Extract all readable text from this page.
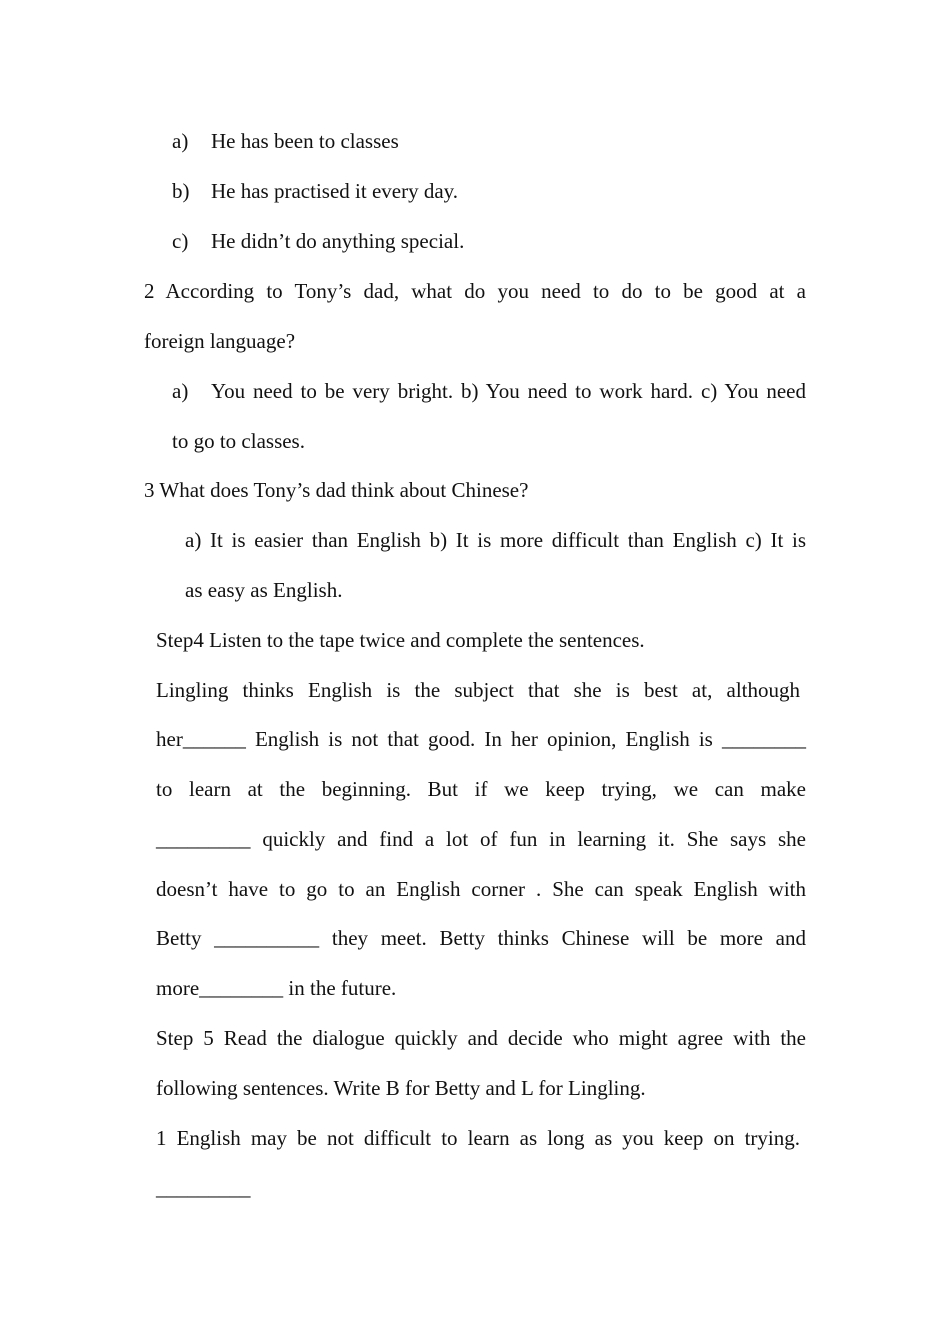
a) He has been to classes
b) He has practised it every day.
c) He didn’t do anything special.
2 According to Tony’s dad, what do you need to do to be good at a
foreign language?
a) You need to be very bright. b) You need to work hard. c) You need
to go to classes.
3 What does Tony’s dad think about Chinese?
a) It is easier than English b) It is more difficult than English c) It is
as easy as English.
Step4 Listen to the tape twice and complete the sentences.
Lingling thinks English is the subject that she is best at, although
her______ English is not that good. In her opinion, English is ________
to learn at the beginning. But if we keep trying, we can make
_________ quickly and find a lot of fun in learning it. She says she
doesn’t have to go to an English corner . She can speak English with
Betty __________ they meet. Betty thinks Chinese will be more and
more________ in the future.
Step 5 Read the dialogue quickly and decide who might agree with the
following sentences. Write B for Betty and L for Lingling.
1 English may be not difficult to learn as long as you keep on trying.
_________
